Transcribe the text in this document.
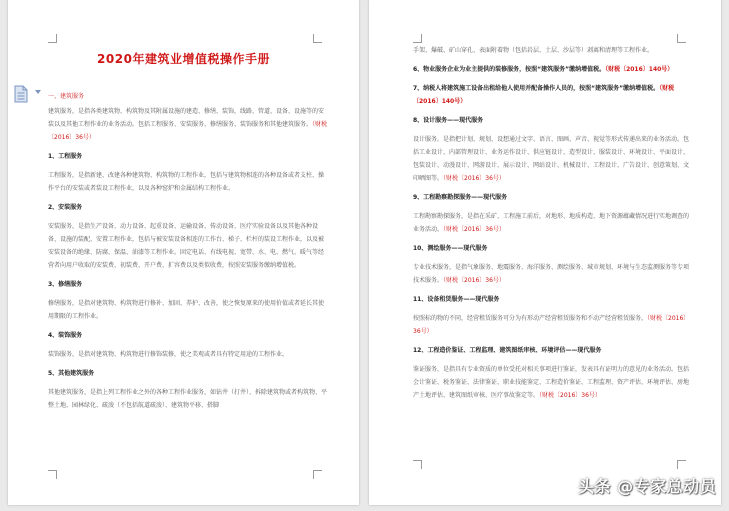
2020年建筑业增值税操作手册

一、建筑服务

建筑服务，是指各类建筑物、构筑物及其附属设施的建造、修缮、装饰，线路、管道、设备、设施等的安装以及其他工程作业的业务活动。包括工程服务、安装服务、修缮服务、装饰服务和其他建筑服务。（财税〔2016〕36号）

1、工程服务

工程服务，是指新建、改建各种建筑物、构筑物的工程作业，包括与建筑物相连的各种设备或者支柱、操作平台的安装或者装设工程作业，以及各种窑炉和金属结构工程作业。

2、安装服务

安装服务，是指生产设备、动力设备、起重设备、运输设备、传动设备、医疗实验设备以及其他各种设备、设施的装配、安置工程作业，包括与被安装设备相连的工作台、梯子、栏杆的装设工程作业，以及被安装设备的绝缘、防腐、保温、油漆等工程作业。固定电话、有线电视、宽带、水、电、燃气、暖气等经营者向用户收取的安装费、初装费、开户费、扩容费以及类似收费，按照安装服务缴纳增值税。

3、修缮服务

修缮服务，是指对建筑物、构筑物进行修补、加固、养护、改善，使之恢复原来的使用价值或者延长其使用期限的工程作业。

4、装饰服务

装饰服务，是指对建筑物、构筑物进行修饰装修，使之美观或者具有特定用途的工程作业。

5、其他建筑服务

其他建筑服务，是指上列工程作业之外的各种工程作业服务，如钻井（打井）、拆除建筑物或者构筑物、平整土地、园林绿化、疏浚（不包括航道疏浚）、建筑物平移、搭脚

手架、爆破、矿山穿孔、表面附着物（包括岩层、土层、沙层等）剥离和清理等工程作业。

6、物业服务企业为业主提供的装修服务，按照“建筑服务”缴纳增值税。（财税〔2016〕140号）

7、纳税人将建筑施工设备出租给他人使用并配备操作人员的，按照“建筑服务”缴纳增值税。（财税〔2016〕140号）

8、设计服务——现代服务

设计服务，是指把计划、规划、设想通过文字、语言、图画、声音、视觉等形式传递出来的业务活动。包括工业设计、内部管理设计、业务运作设计、供应链设计、造型设计、服装设计、环境设计、平面设计、包装设计、动漫设计、网游设计、展示设计、网站设计、机械设计、工程设计、广告设计、创意策划、文印晒图等。（财税〔2016〕36号）

9、工程勘察勘探服务——现代服务

工程勘察勘探服务，是指在采矿、工程施工前后，对地形、地质构造、地下资源蕴藏情况进行实地调查的业务活动。（财税〔2016〕36号）

10、测绘服务——现代服务

专业技术服务，是指气象服务、地震服务、海洋服务、测绘服务、城市规划、环境与生态监测服务等专项技术服务。（财税〔2016〕36号）

11、设备租赁服务——现代服务

按照标的物的不同，经营租赁服务可分为有形动产经营租赁服务和不动产经营租赁服务。（财税〔2016〕36号）

12、工程造价鉴证、工程监理、建筑图纸审核、环境评估——现代服务

鉴证服务，是指具有专业资质的单位受托对相关事项进行鉴证，发表具有证明力的意见的业务活动。包括会计鉴证、税务鉴证、法律鉴证、职业技能鉴定、工程造价鉴证、工程监理、资产评估、环境评估、房地产土地评估、建筑图纸审核、医疗事故鉴定等。（财税〔2016〕36号）

头条 @专家总动员
